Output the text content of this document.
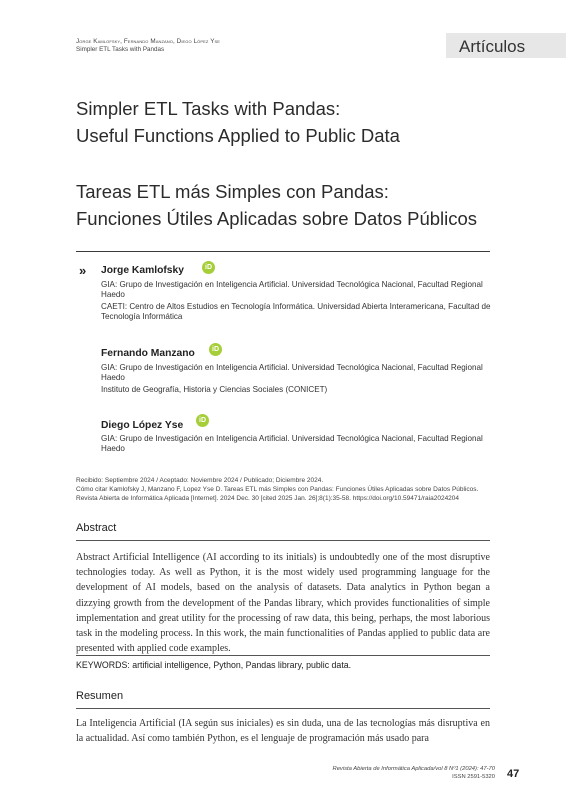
Jorge Kamlofsky, Fernando Manzano, Diego López Yse
Simpler ETL Tasks with Pandas	Artículos
Simpler ETL Tasks with Pandas:
Useful Functions Applied to Public Data
Tareas ETL más Simples con Pandas:
Funciones Útiles Aplicadas sobre Datos Públicos
» Jorge Kamlofsky	iD
GIA: Grupo de Investigación en Inteligencia Artificial. Universidad Tecnológica Nacional, Facultad Regional Haedo
CAETI: Centro de Altos Estudios en Tecnología Informática. Universidad Abierta Interamericana, Facultad de Tecnología Informática
Fernando Manzano	iD
GIA: Grupo de Investigación en Inteligencia Artificial. Universidad Tecnológica Nacional, Facultad Regional Haedo
Instituto de Geografía, Historia y Ciencias Sociales (CONICET)
Diego López Yse	iD
GIA: Grupo de Investigación en Inteligencia Artificial. Universidad Tecnológica Nacional, Facultad Regional Haedo
Recibido: Septiembre 2024 / Aceptado: Noviembre 2024 / Publicado; Diciembre 2024.
Cómo citar Kamlofsky J, Manzano F, Lopez Yse D. Tareas ETL más Simples con Pandas: Funciones Útiles Aplicadas sobre Datos Públicos. Revista Abierta de Informática Aplicada [Internet]. 2024 Dec. 30 [cited 2025 Jan. 26];8(1):35-58. https://doi.org/10.59471/raia2024204
Abstract
Abstract Artificial Intelligence (AI according to its initials) is undoubtedly one of the most disruptive technologies today. As well as Python, it is the most widely used programming language for the development of AI models, based on the analysis of datasets. Data analytics in Python began a dizzying growth from the development of the Pandas library, which provides functionalities of simple implementation and great utility for the processing of raw data, this being, perhaps, the most laborious task in the modeling process. In this work, the main functionalities of Pandas applied to public data are presented with applied code examples.
KEYWORDS: artificial intelligence, Python, Pandas library, public data.
Resumen
La Inteligencia Artificial (IA según sus iniciales) es sin duda, una de las tecnologías más disruptiva en la actualidad. Así como también Python, es el lenguaje de programación más usado para
Revista Abierta de Informática Aplicada/vol 8 Nº1 (2024): 47-70
ISSN 2591-5320 47
